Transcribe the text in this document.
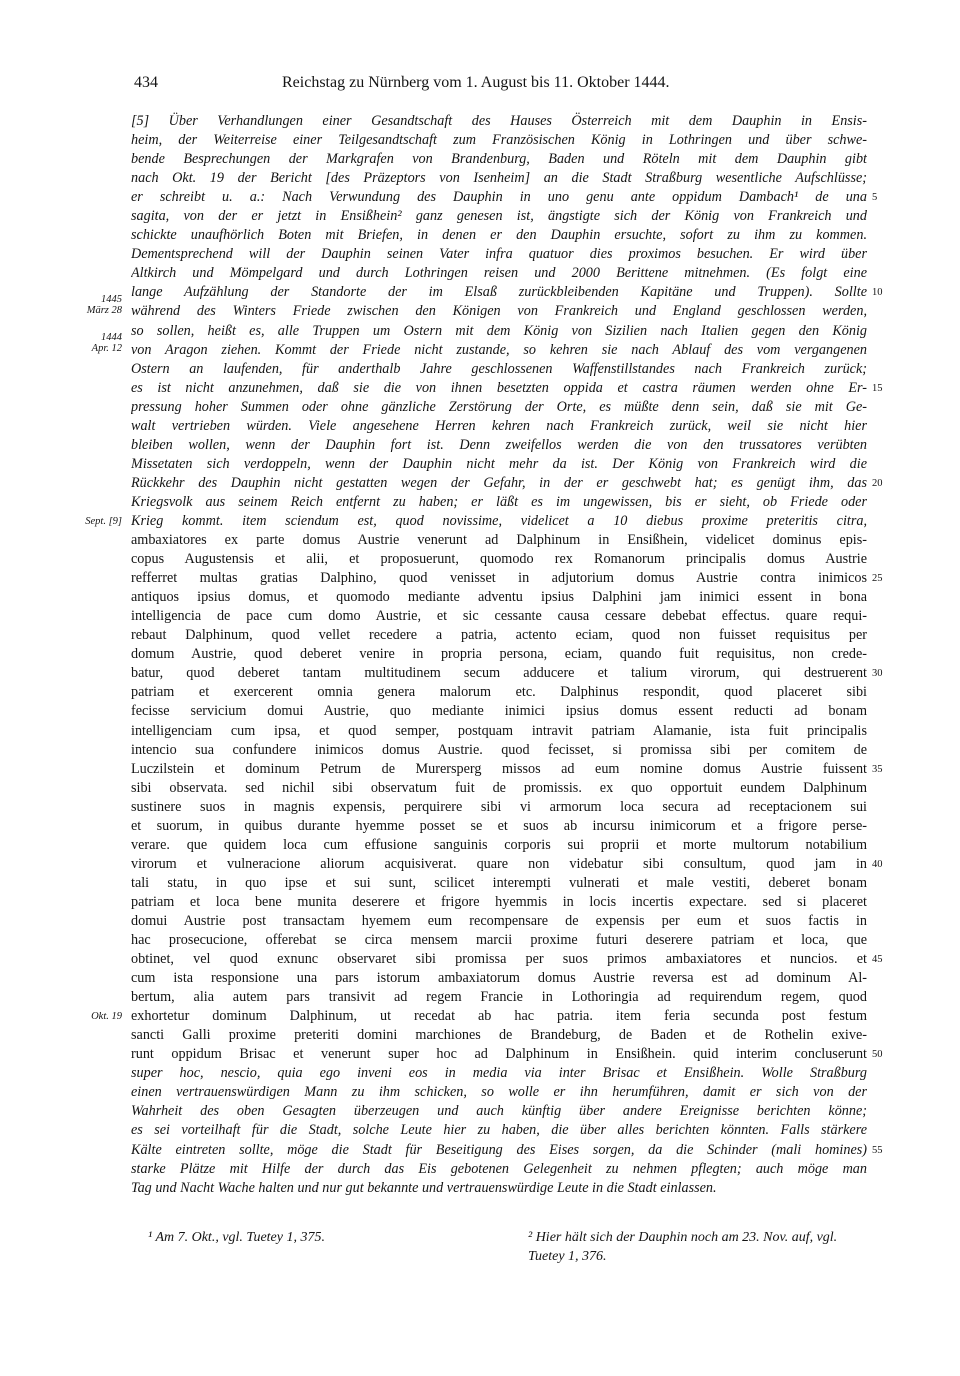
434	Reichstag zu Nürnberg vom 1. August bis 11. Oktober 1444.
[5] Über Verhandlungen einer Gesandtschaft des Hauses Österreich mit dem Dauphin in Ensis-
heim, der Weiterreise einer Teilgesandtschaft zum Französischen König in Lothringen und über schwe-
bende Besprechungen der Markgrafen von Brandenburg, Baden und Röteln mit dem Dauphin gibt
nach Okt. 19 der Bericht [des Präzeptors von Isenheim] an die Stadt Straßburg wesentliche Aufschlüsse;
er schreibt u. a.: Nach Verwundung des Dauphin in uno genu ante oppidum Dambach¹ de una
sagita, von der er jetzt in Ensißhein² ganz genesen ist, ängstigte sich der König von Frankreich und
schickte unaufhörlich Boten mit Briefen, in denen er den Dauphin ersuchte, sofort zu ihm zu kommen.
Dementsprechend will der Dauphin seinen Vater infra quatuor dies proximos besuchen. Er wird über
Altkirch und Mömpelgard und durch Lothringen reisen und 2000 Berittene mitnehmen. (Es folgt eine
lange Aufzählung der Standorte der im Elsaß zurückbleibenden Kapitäne und Truppen). Sollte
während des Winters Friede zwischen den Königen von Frankreich und England geschlossen werden,
so sollen, heißt es, alle Truppen um Ostern mit dem König von Sizilien nach Italien gegen den König
von Aragon ziehen. Kommt der Friede nicht zustande, so kehren sie nach Ablauf des vom vergangenen
Ostern an laufenden, für anderthalb Jahre geschlossenen Waffenstillstandes nach Frankreich zurück;
es ist nicht anzunehmen, daß sie die von ihnen besetzten oppida et castra räumen werden ohne Er-
pressung hoher Summen oder ohne gänzliche Zerstörung der Orte, es müßte denn sein, daß sie mit Ge-
walt vertrieben würden. Viele angesehene Herren kehren nach Frankreich zurück, weil sie nicht hier
bleiben wollen, wenn der Dauphin fort ist. Denn zweifellos werden die von den trussatores verübten
Missetaten sich verdoppeln, wenn der Dauphin nicht mehr da ist. Der König von Frankreich wird die
Rückkehr des Dauphin nicht gestatten wegen der Gefahr, in der er geschwebt hat; es genügt ihm, das
Kriegsvolk aus seinem Reich entfernt zu haben; er läßt es im ungewissen, bis er sieht, ob Friede oder
Krieg kommt. item sciendum est, quod novissime, videlicet a 10 diebus proxime preteritis citra,
ambaxiatores ex parte domus Austrie venerunt ad Dalphinum in Ensißhein, videlicet dominus epis-
copus Augustensis et alii, et proposuerunt, quomodo rex Romanorum principalis domus Austrie
refferret multas gratias Dalphino, quod venisset in adjutorium domus Austrie contra inimicos
antiquos ipsius domus, et quomodo mediante adventu ipsius Dalphini jam inimici essent in bona
intelligencia de pace cum domo Austrie, et sic cessante causa cessare debebat effectus. quare requi-
rebaut Dalphinum, quod vellet recedere a patria, actento eciam, quod non fuisset requisitus per
domum Austrie, quod deberet venire in propria persona, eciam, quando fuit requisitus, non crede-
batur, quod deberet tantam multitudinem secum adducere et talium virorum, qui destruerent
patriam et exercerent omnia genera malorum etc. Dalphinus respondit, quod placeret sibi
fecisse servicium domui Austrie, quo mediante inimici ipsius domus essent reducti ad bonam
intelligenciam cum ipsa, et quod semper, postquam intravit patriam Alamanie, ista fuit principalis
intencio sua confundere inimicos domus Austrie. quod fecisset, si promissa sibi per comitem de
Luczilstein et dominum Petrum de Murersperg missos ad eum nomine domus Austrie fuissent
sibi observata. sed nichil sibi observatum fuit de promissis. ex quo opportuit eundem Dalphinum
sustinere suos in magnis expensis, perquirere sibi vi armorum loca secura ad receptacionem sui
et suorum, in quibus durante hyemme posset se et suos ab incursu inimicorum et a frigore perse-
verare. que quidem loca cum effusione sanguinis corporis sui proprii et morte multorum notabilium
virorum et vulneracione aliorum acquisiverat. quare non videbatur sibi consultum, quod jam in
tali statu, in quo ipse et sui sunt, scilicet interempti vulnerati et male vestiti, deberet bonam
patriam et loca bene munita deserere et frigore hyemmis in locis incertis expectare. sed si placeret
domui Austrie post transactam hyemem eum recompensare de expensis per eum et suos factis in
hac prosecucione, offerebat se circa mensem marcii proxime futuri deserere patriam et loca, que
obtinet, vel quod exnunc observaret sibi promissa per suos primos ambaxiatores et nuncios. et
cum ista responsione una pars istorum ambaxiatorum domus Austrie reversa est ad dominum Al-
bertum, alia autem pars transivit ad regem Francie in Lothoringia ad requirendum regem, quod
exhortetur dominum Dalphinum, ut recedat ab hac patria. item feria secunda post festum
sancti Galli proxime preteriti domini marchiones de Brandeburg, de Baden et de Rothelin exive-
runt oppidum Brisac et venerunt super hoc ad Dalphinum in Ensißhein. quid interim concluserunt
super hoc, nescio, quia ego inveni eos in media via inter Brisac et Ensißhein. Wolle Straßburg
einen vertrauenswürdigen Mann zu ihm schicken, so wolle er ihn herumführen, damit er sich von der
Wahrheit des oben Gesagten überzeugen und auch künftig über andere Ereignisse berichten könne;
es sei vorteilhaft für die Stadt, solche Leute hier zu haben, die über alles berichten könnten. Falls stärkere
Kälte eintreten sollte, möge die Stadt für Beseitigung des Eises sorgen, da die Schinder (mali homines)
starke Plätze mit Hilfe der durch das Eis gebotenen Gelegenheit zu nehmen pflegten; auch möge man
Tag und Nacht Wache halten und nur gut bekannte und vertrauenswürdige Leute in die Stadt einlassen.
5
10
15
20
25
30
35
40
45
50
55
1445
März 28
1444
Apr. 12
Sept. [9]
Okt. 19
¹ Am 7. Okt., vgl. Tuetey 1, 375.	² Hier hält sich der Dauphin noch am 23. Nov. auf, vgl. Tuetey 1, 376.
